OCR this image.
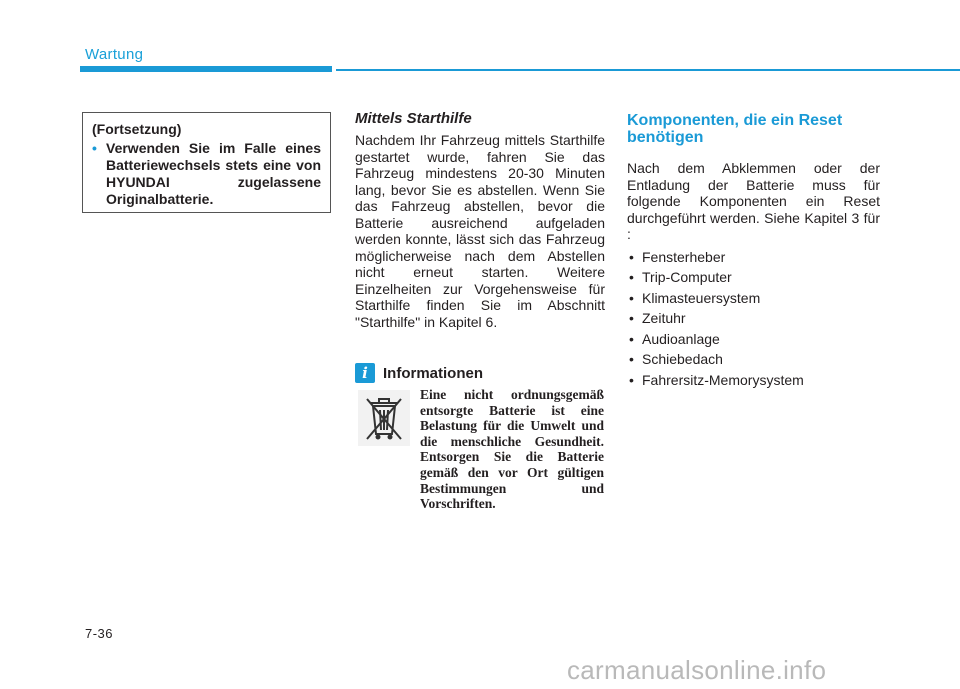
Wartung
(Fortsetzung)
• Verwenden Sie im Falle eines Batteriewechsels stets eine von HYUNDAI zugelassene Originalbatterie.
Mittels Starthilfe
Nachdem Ihr Fahrzeug mittels Starthilfe gestartet wurde, fahren Sie das Fahrzeug mindestens 20-30 Minuten lang, bevor Sie es abstellen. Wenn Sie das Fahrzeug abstellen, bevor die Batterie ausreichend aufgeladen werden konnte, lässt sich das Fahrzeug möglicherweise nach dem Abstellen nicht erneut starten. Weitere Einzelheiten zur Vorgehensweise für Starthilfe finden Sie im Abschnitt "Starthilfe" in Kapitel 6.
i	Informationen
Eine nicht ordnungsgemäß entsorgte Batterie ist eine Belastung für die Umwelt und die menschliche Gesundheit. Entsorgen Sie die Batterie gemäß den vor Ort gültigen Bestimmungen und Vorschriften.
Komponenten, die ein Reset benötigen
Nach dem Abklemmen oder der Entladung der Batterie muss für folgende Komponenten ein Reset durchgeführt werden. Siehe Kapitel 3 für :
• Fensterheber
• Trip-Computer
• Klimasteuersystem
• Zeituhr
• Audioanlage
• Schiebedach
• Fahrersitz-Memorysystem
7-36
carmanualsonline.info
